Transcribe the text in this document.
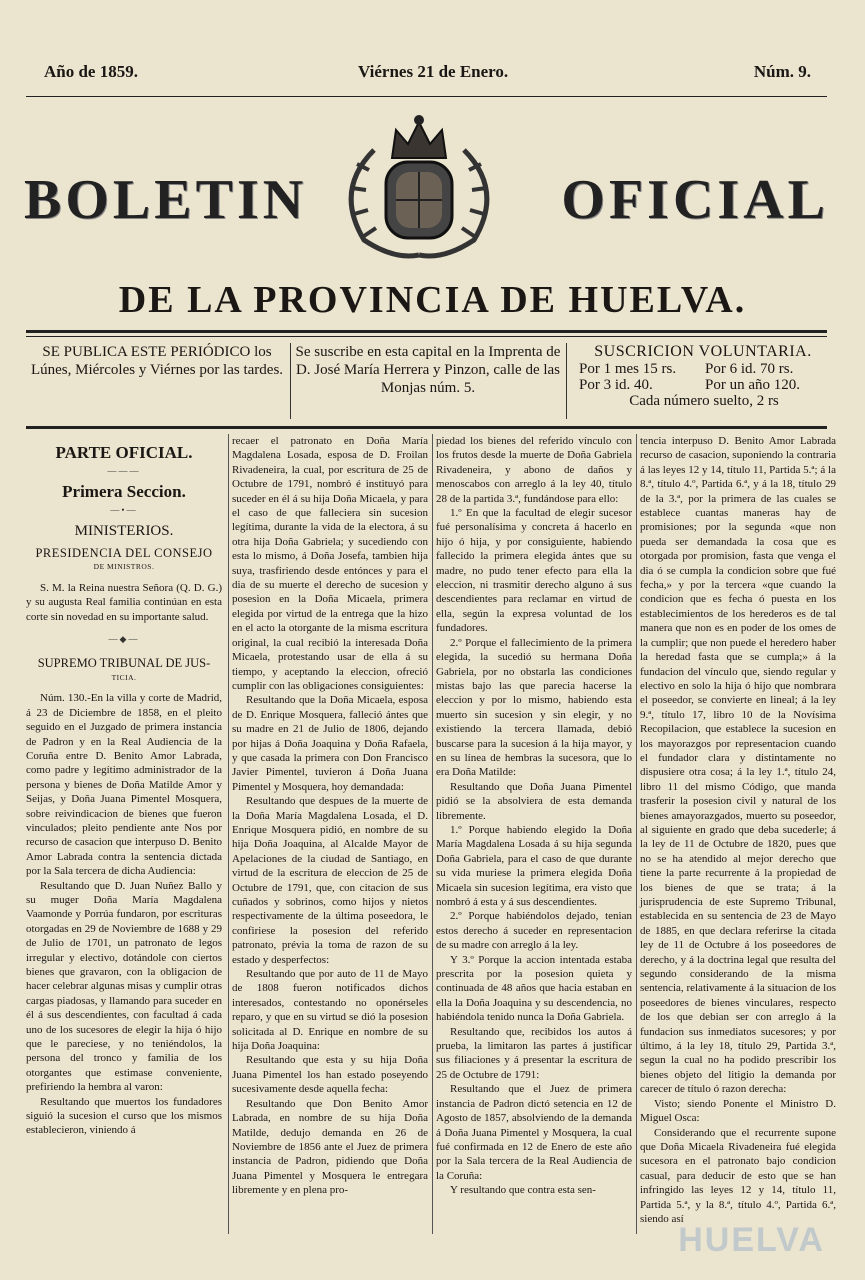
Año de 1859.	Viérnes 21 de Enero.	Núm. 9.
BOLETIN	OFICIAL
DE LA PROVINCIA DE HUELVA.
SE PUBLICA ESTE PERIÓDICO los Lúnes, Miércoles y Viérnes por las tardes.
Se suscribe en esta capital en la Imprenta de D. José María Herrera y Pinzon, calle de las Monjas núm. 5.
SUSCRICION VOLUNTARIA.
Por 1 mes 15 rs. Por 6 id. 70 rs.
Por 3 id. 40.	Por un año 120.
Cada número suelto, 2 rs
PARTE OFICIAL.
———
Primera Seccion.
—•—
MINISTERIOS.
PRESIDENCIA DEL CONSEJO
DE MINISTROS.

S. M. la Reina nuestra Señora (Q. D. G.) y su augusta Real familia continúan en esta corte sin novedad en su importante salud.

—◆—
SUPREMO TRIBUNAL DE JUS-
TICIA.

Núm. 130.-En la villa y corte de Madrid, á 23 de Diciembre de 1858, en el pleito seguido en el Juzgado de primera instancia de Padron y en la Real Audiencia de la Coruña entre D. Benito Amor Labrada, como padre y legítimo administrador de la persona y bienes de Doña Matilde Amor y Seijas, y Doña Juana Pimentel Mosquera, sobre reivindicacion de bienes que fueron vinculados; pleito pendiente ante Nos por recurso de casacion que interpuso D. Benito Amor Labrada contra la sentencia dictada por la Sala tercera de dicha Audiencia:

Resultando que D. Juan Nuñez Ballo y su muger Doña María Magdalena Vaamonde y Porrúa fundaron, por escrituras otorgadas en 29 de Noviembre de 1688 y 29 de Julio de 1701, un patronato de legos irregular y electivo, dotándole con ciertos bienes que gravaron, con la obligacion de hacer celebrar algunas misas y cumplir otras cargas piadosas, y llamando para suceder en él á sus descendientes, con facultad á cada uno de los sucesores de elegir la hija ó hijo que le pareciese, y no teniéndolos, la persona del tronco y familia de los otorgantes que estimase conveniente, prefiriendo la hembra al varon:

Resultando que muertos los fundadores siguió la sucesion el curso que los mismos establecieron, viniendo á

recaer el patronato en Doña María Magdalena Losada, esposa de D. Froilan Rivadeneira, la cual, por escritura de 25 de Octubre de 1791, nombró é instituyó para suceder en él á su hija Doña Micaela, y para el caso de que falleciera sin sucesion legítima, durante la vida de la electora, á su otra hija Doña Gabriela; y sucediendo con esta lo mismo, á Doña Josefa, tambien hija suya, trasfiriendo desde entónces y para el dia de su muerte el derecho de sucesion y posesion en la Doña Micaela, primera elegida por virtud de la entrega que la hizo en el acto la otorgante de la misma escritura original, la cual recibió la interesada Doña Micaela, protestando usar de ella á su tiempo, y aceptando la eleccion, ofreció cumplir con las obligaciones consiguientes:

Resultando que la Doña Micaela, esposa de D. Enrique Mosquera, falleció ántes que su madre en 21 de Julio de 1806, dejando por hijas á Doña Joaquina y Doña Rafaela, y que casada la primera con Don Francisco Javier Pimentel, tuvieron á Doña Juana Pimentel y Mosquera, hoy demandada:

Resultando que despues de la muerte de la Doña María Magdalena Losada, el D. Enrique Mosquera pidió, en nombre de su hija Doña Joaquina, al Alcalde Mayor de Apelaciones de la ciudad de Santiago, en virtud de la escritura de eleccion de 25 de Octubre de 1791, que, con citacion de sus cuñados y sobrinos, como hijos y nietos respectivamente de la última poseedora, le confiriese la posesion del referido patronato, prévia la toma de razon de su estado y desperfectos:

Resultando que por auto de 11 de Mayo de 1808 fueron notificados dichos interesados, contestando no oponérseles reparo, y que en su virtud se dió la posesion solicitada al D. Enrique en nombre de su hija Doña Joaquina:

Resultando que esta y su hija Doña Juana Pimentel los han estado poseyendo sucesivamente desde aquella fecha:

Resultando que Don Benito Amor Labrada, en nombre de su hija Doña Matilde, dedujo demanda en 26 de Noviembre de 1856 ante el Juez de primera instancia de Padron, pidiendo que Doña Juana Pimentel y Mosquera le entregara libremente y en plena pro-

piedad los bienes del referido vínculo con los frutos desde la muerte de Doña Gabriela Rivadeneira, y abono de daños y menoscabos con arreglo á la ley 40, título 28 de la partida 3.ª, fundándose para ello:

1.º En que la facultad de elegir sucesor fué personalísima y concreta á hacerlo en hijo ó hija, y por consiguiente, habiendo fallecido la primera elegida ántes que su madre, no pudo tener efecto para ella la eleccion, ni trasmitir derecho alguno á sus descendientes para reclamar en virtud de ella, según la expresa voluntad de los fundadores.

2.º Porque el fallecimiento de la primera elegida, la sucedió su hermana Doña Gabriela, por no obstarla las condiciones mistas bajo las que parecia hacerse la eleccion y por lo mismo, habiendo esta muerto sin sucesion y sin elegir, y no existiendo la tercera llamada, debió buscarse para la sucesion á la hija mayor, y en su línea de hembras la sucesora, que lo era Doña Matilde:

Resultando que Doña Juana Pimentel pidió se la absolviera de esta demanda libremente.

1.º Porque habiendo elegido la Doña María Magdalena Losada á su hija segunda Doña Gabriela, para el caso de que durante su vida muriese la primera elegida Doña Micaela sin sucesion legítima, era visto que nombró á esta y á sus descendientes.

2.º Porque habiéndolos dejado, tenian estos derecho á suceder en representacion de su madre con arreglo á la ley.

Y 3.º Porque la accion intentada estaba prescrita por la posesion quieta y continuada de 48 años que hacia estaban en ella la Doña Joaquina y su descendencia, no habiéndola tenido nunca la Doña Gabriela.

Resultando que, recibidos los autos á prueba, la limitaron las partes á justificar sus filiaciones y á presentar la escritura de 25 de Octubre de 1791:

Resultando que el Juez de primera instancia de Padron dictó setencia en 12 de Agosto de 1857, absolviendo de la demanda á Doña Juana Pimentel y Mosquera, la cual fué confirmada en 12 de Enero de este año por la Sala tercera de la Real Audiencia de la Coruña:

Y resultando que contra esta sen-

tencia interpuso D. Benito Amor Labrada recurso de casacion, suponiendo la contraria á las leyes 12 y 14, título 11, Partida 5.ª; á la 8.ª, título 4.º, Partida 6.ª, y á la 18, título 29 de la 3.ª, por la primera de las cuales se establece cuantas maneras hay de promisiones; por la segunda «que non pueda ser demandada la cosa que es otorgada por promision, fasta que venga el dia ó se cumpla la condicion sobre que fué fecha,» y por la tercera «que cuando la condicion que es fecha ó puesta en los establecimientos de los herederos es de tal manera que non es en poder de los omes de la cumplir; que non puede el heredero haber la heredad fasta que se cumpla;» á la fundacion del vínculo que, siendo regular y electivo en solo la hija ó hijo que nombrara el poseedor, se convierte en lineal; á la ley 9.ª, título 17, libro 10 de la Novísima Recopilacion, que establece la sucesion en los mayorazgos por representacion cuando el fundador clara y distintamente no dispusiere otra cosa; á la ley 1.ª, título 24, libro 11 del mismo Código, que manda trasferir la posesion civil y natural de los bienes amayorazgados, muerto su poseedor, al siguiente en grado que deba sucederle; á la ley de 11 de Octubre de 1820, pues que no se ha atendido al mejor derecho que tiene la parte recurrente á la propiedad de los bienes de que se trata; á la jurisprudencia de este Supremo Tribunal, establecida en su sentencia de 23 de Mayo de 1885, en que declara referirse la citada ley de 11 de Octubre á los poseedores de derecho, y á la doctrina legal que resulta del segundo considerando de la misma sentencia, relativamente á la situacion de los poseedores de bienes vinculares, respecto de los que debian ser con arreglo á la fundacion sus inmediatos sucesores; y por último, á la ley 18, título 29, Partida 3.ª, segun la cual no ha podido prescribir los bienes objeto del litigio la demanda por carecer de título ó razon derecha:

Visto; siendo Ponente el Ministro D. Miguel Osca:

Considerando que el recurrente supone que Doña Micaela Rivadeneira fué elegida sucesora en el patronato bajo condicion casual, para deducir de esto que se han infringido las leyes 12 y 14, título 11, Partida 5.ª, y la 8.ª, título 4.º, Partida 6.ª, siendo así

HUELVA
